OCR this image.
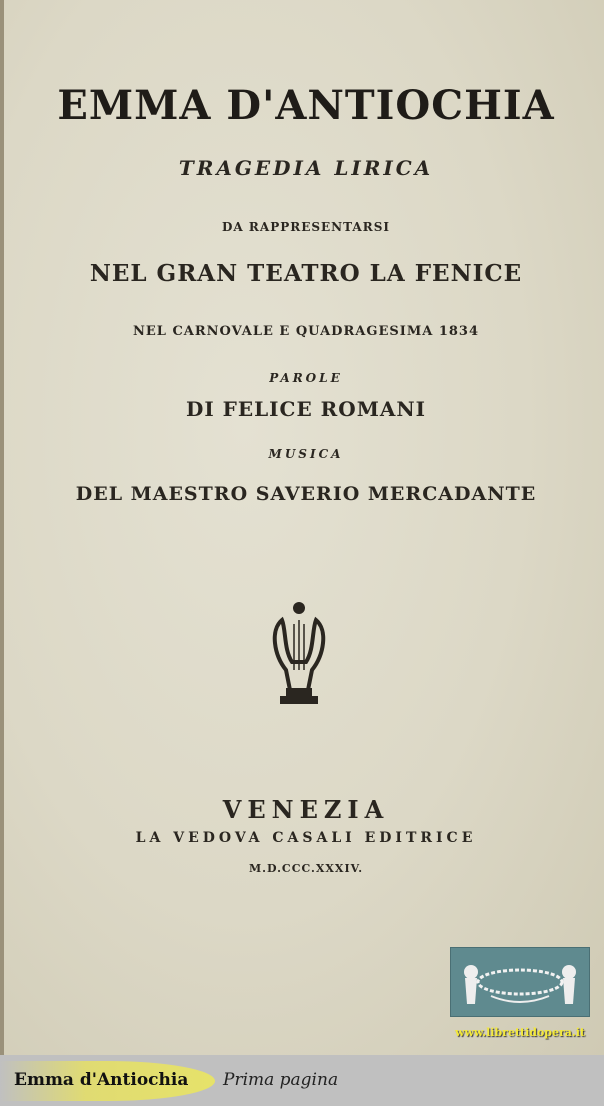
EMMA D'ANTIOCHIA
TRAGEDIA LIRICA
DA RAPPRESENTARSI
NEL GRAN TEATRO LA FENICE
NEL CARNOVALE E QUADRAGESIMA 1834
PAROLE
DI FELICE ROMANI
MUSICA
DEL MAESTRO SAVERIO MERCADANTE
VENEZIA
LA VEDOVA CASALI EDITRICE
M.D.CCC.XXXIV.
www.librettidopera.it
Emma d'Antiochia Prima pagina
